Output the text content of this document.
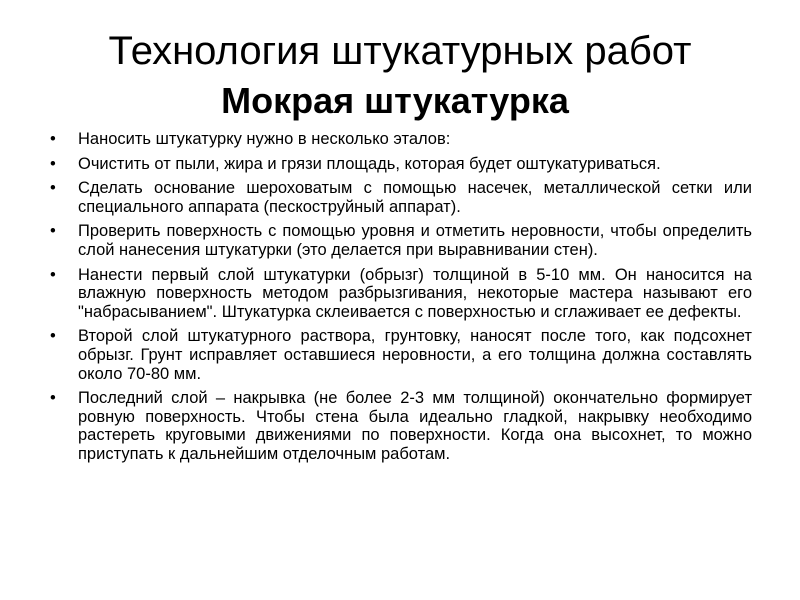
Технология штукатурных работ
Мокрая штукатурка
• Наносить штукатурку нужно в несколько эталов:
• Очистить от пыли, жира и грязи площадь, которая будет оштукатуриваться.
• Сделать основание шероховатым с помощью насечек, металлической сетки или специального аппарата (пескоструйный аппарат).
• Проверить поверхность с помощью уровня и отметить неровности, чтобы определить слой нанесения штукатурки (это делается при выравнивании стен).
• Нанести первый слой штукатурки (обрызг) толщиной в 5-10 мм. Он наносится на влажную поверхность методом разбрызгивания, некоторые мастера называют его "набрасыванием". Штукатурка склеивается с поверхностью и сглаживает ее дефекты.
• Второй слой штукатурного раствора, грунтовку, наносят после того, как подсохнет обрызг. Грунт исправляет оставшиеся неровности, а его толщина должна составлять около 70-80 мм.
• Последний слой – накрывка (не более 2-3 мм толщиной) окончательно формирует ровную поверхность. Чтобы стена была идеально гладкой, накрывку необходимо растереть круговыми движениями по поверхности. Когда она высохнет, то можно приступать к дальнейшим отделочным работам.
